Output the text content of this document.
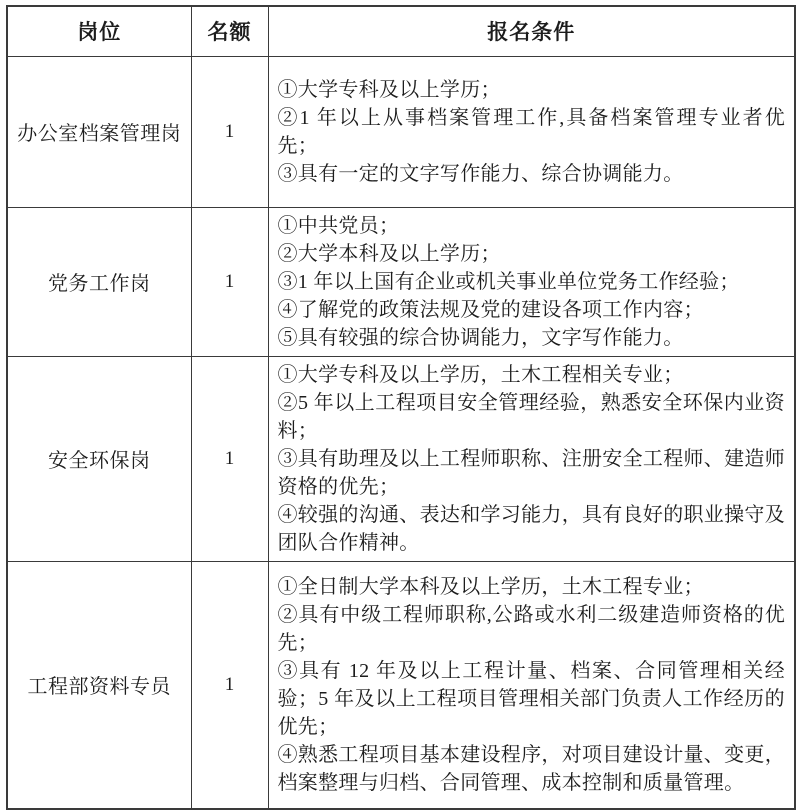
岗位	名额	报名条件
办公室档案管理岗	1	①大学专科及以上学历；
②1 年以上从事档案管理工作,具备档案管理专业者优先；
③具有一定的文字写作能力、综合协调能力。

党务工作岗	1	①中共党员；
②大学本科及以上学历；
③1 年以上国有企业或机关事业单位党务工作经验；
④了解党的政策法规及党的建设各项工作内容；
⑤具有较强的综合协调能力，文字写作能力。

安全环保岗	1	①大学专科及以上学历，土木工程相关专业；
②5 年以上工程项目安全管理经验，熟悉安全环保内业资料；
③具有助理及以上工程师职称、注册安全工程师、建造师资格的优先；
④较强的沟通、表达和学习能力，具有良好的职业操守及团队合作精神。

工程部资料专员	1	①全日制大学本科及以上学历，土木工程专业；
②具有中级工程师职称,公路或水利二级建造师资格的优先；
③具有 12 年及以上工程计量、档案、合同管理相关经验；5 年及以上工程项目管理相关部门负责人工作经历的优先；
④熟悉工程项目基本建设程序，对项目建设计量、变更，档案整理与归档、合同管理、成本控制和质量管理。
